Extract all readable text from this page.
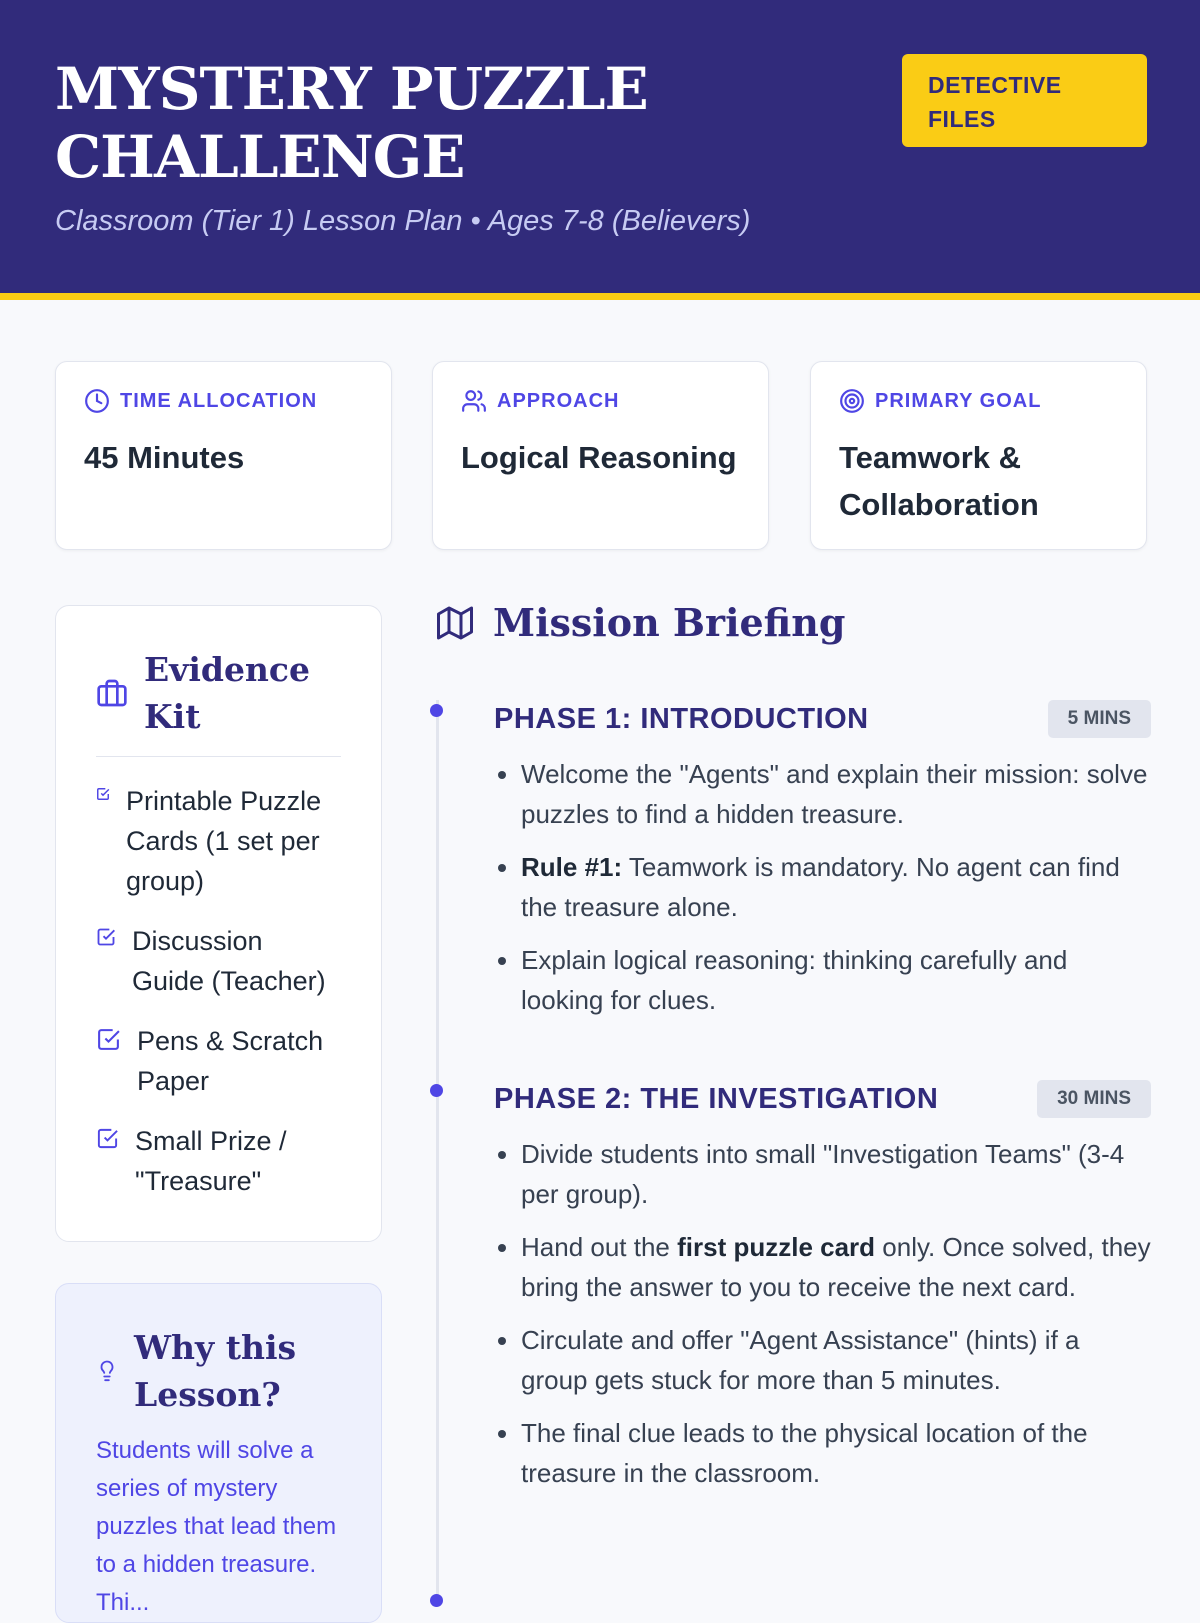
MYSTERY PUZZLE CHALLENGE
Classroom (Tier 1) Lesson Plan • Ages 7-8 (Believers)
DETECTIVE FILES
TIME ALLOCATION
45 Minutes
APPROACH
Logical Reasoning
PRIMARY GOAL
Teamwork & Collaboration
Evidence Kit
Printable Puzzle Cards (1 set per group)
Discussion Guide (Teacher)
Pens & Scratch Paper
Small Prize / "Treasure"
Why this Lesson?
Students will solve a series of mystery puzzles that lead them to a hidden treasure. Thi...
Mission Briefing
PHASE 1: INTRODUCTION	5 MINS
• Welcome the "Agents" and explain their mission: solve puzzles to find a hidden treasure.
• Rule #1: Teamwork is mandatory. No agent can find the treasure alone.
• Explain logical reasoning: thinking carefully and looking for clues.
PHASE 2: THE INVESTIGATION	30 MINS
• Divide students into small "Investigation Teams" (3-4 per group).
• Hand out the first puzzle card only. Once solved, they bring the answer to you to receive the next card.
• Circulate and offer "Agent Assistance" (hints) if a group gets stuck for more than 5 minutes.
• The final clue leads to the physical location of the treasure in the classroom.
